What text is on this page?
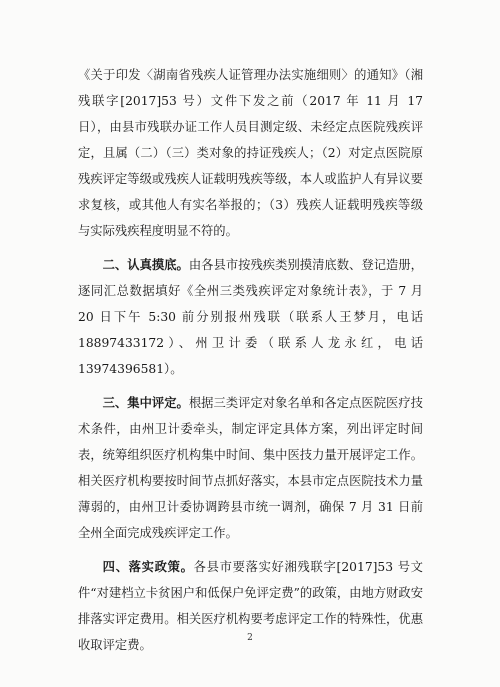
《关于印发〈湖南省残疾人证管理办法实施细则〉的通知》（湘残联字[2017]53 号）文件下发之前（2017 年 11 月 17 日），由县市残联办证工作人员目测定级、未经定点医院残疾评定，且属（二）（三）类对象的持证残疾人；（2）对定点医院原残疾评定等级或残疾人证载明残疾等级，本人或监护人有异议要求复核，或其他人有实名举报的；（3）残疾人证载明残疾等级与实际残疾程度明显不符的。

二、认真摸底。由各县市按残疾类别摸清底数、登记造册，逐同汇总数据填好《全州三类残疾评定对象统计表》，于 7 月 20 日下午 5:30 前分别报州残联（联系人王梦月，电话 18897433172）、州卫计委（联系人龙永红，电话 13974396581）。

三、集中评定。根据三类评定对象名单和各定点医院医疗技术条件，由州卫计委牵头，制定评定具体方案，列出评定时间表，统筹组织医疗机构集中时间、集中医技力量开展评定工作。相关医疗机构要按时间节点抓好落实，本县市定点医院技术力量薄弱的，由州卫计委协调跨县市统一调剂，确保 7 月 31 日前全州全面完成残疾评定工作。

四、落实政策。各县市要落实好湘残联字[2017]53 号文件“对建档立卡贫困户和低保户免评定费”的政策，由地方财政安排落实评定费用。相关医疗机构要考虑评定工作的特殊性，优惠收取评定费。	2
